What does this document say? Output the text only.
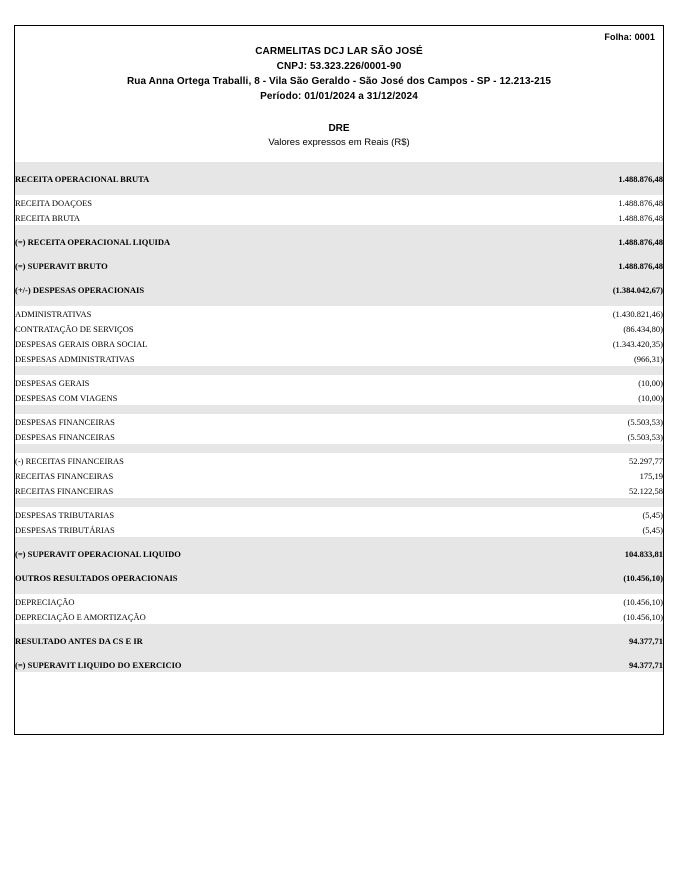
Folha: 0001
CARMELITAS DCJ LAR SÃO JOSÉ
CNPJ: 53.323.226/0001-90
Rua Anna Ortega Traballi, 8 - Vila São Geraldo - São José dos Campos - SP - 12.213-215
Período: 01/01/2024 a 31/12/2024
DRE
Valores expressos em Reais (R$)

RECEITA OPERACIONAL BRUTA	1.488.876,48

RECEITA DOAÇOES	1.488.876,48
RECEITA BRUTA	1.488.876,48

(=) RECEITA OPERACIONAL LIQUIDA	1.488.876,48

(=) SUPERAVIT BRUTO	1.488.876,48

(+/-) DESPESAS OPERACIONAIS	(1.384.042,67)

ADMINISTRATIVAS	(1.430.821,46)
CONTRATAÇÃO DE SERVIÇOS	(86.434,80)
DESPESAS GERAIS OBRA SOCIAL	(1.343.420,35)
DESPESAS ADMINISTRATIVAS	(966,31)

DESPESAS GERAIS	(10,00)
DESPESAS COM VIAGENS	(10,00)

DESPESAS FINANCEIRAS	(5.503,53)
DESPESAS FINANCEIRAS	(5.503,53)

(-) RECEITAS FINANCEIRAS	52.297,77
RECEITAS FINANCEIRAS	175,19
RECEITAS FINANCEIRAS	52.122,58

DESPESAS TRIBUTARIAS	(5,45)
DESPESAS TRIBUTÁRIAS	(5,45)

(=) SUPERAVIT OPERACIONAL LIQUIDO	104.833,81

OUTROS RESULTADOS OPERACIONAIS	(10.456,10)

DEPRECIAÇÃO	(10.456,10)
DEPRECIAÇÃO E AMORTIZAÇÃO	(10.456,10)

RESULTADO ANTES DA CS E IR	94.377,71

(=) SUPERAVIT LIQUIDO DO EXERCICIO	94.377,71
